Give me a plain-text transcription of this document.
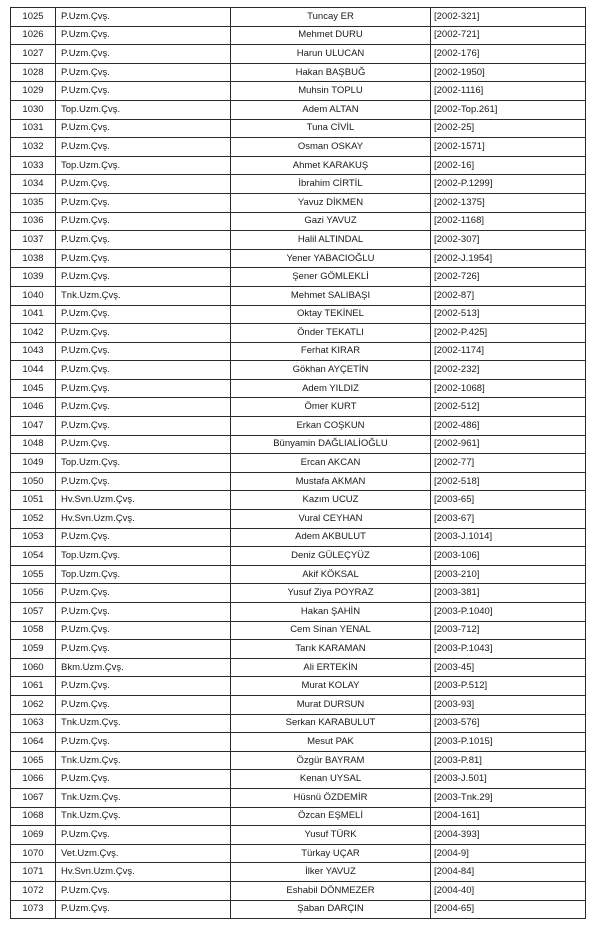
1025	P.Uzm.Çvş.	Tuncay ER	[2002-321]
1026	P.Uzm.Çvş.	Mehmet DURU	[2002-721]
1027	P.Uzm.Çvş.	Harun ULUCAN	[2002-176]
1028	P.Uzm.Çvş.	Hakan BAŞBUĞ	[2002-1950]
1029	P.Uzm.Çvş.	Muhsin TOPLU	[2002-1116]
1030	Top.Uzm.Çvş.	Adem ALTAN	[2002-Top.261]
1031	P.Uzm.Çvş.	Tuna CİVİL	[2002-25]
1032	P.Uzm.Çvş.	Osman OSKAY	[2002-1571]
1033	Top.Uzm.Çvş.	Ahmet KARAKUŞ	[2002-16]
1034	P.Uzm.Çvş.	İbrahim CİRTİL	[2002-P.1299]
1035	P.Uzm.Çvş.	Yavuz DİKMEN	[2002-1375]
1036	P.Uzm.Çvş.	Gazi YAVUZ	[2002-1168]
1037	P.Uzm.Çvş.	Halil ALTINDAL	[2002-307]
1038	P.Uzm.Çvş.	Yener YABACIOĞLU	[2002-J.1954]
1039	P.Uzm.Çvş.	Şener GÖMLEKLİ	[2002-726]
1040	Tnk.Uzm.Çvş.	Mehmet SALIBAŞI	[2002-87]
1041	P.Uzm.Çvş.	Oktay TEKİNEL	[2002-513]
1042	P.Uzm.Çvş.	Önder TEKATLI	[2002-P.425]
1043	P.Uzm.Çvş.	Ferhat KIRAR	[2002-1174]
1044	P.Uzm.Çvş.	Gökhan AYÇETİN	[2002-232]
1045	P.Uzm.Çvş.	Adem YILDIZ	[2002-1068]
1046	P.Uzm.Çvş.	Ömer KURT	[2002-512]
1047	P.Uzm.Çvş.	Erkan COŞKUN	[2002-486]
1048	P.Uzm.Çvş.	Bünyamin DAĞLIALİOĞLU	[2002-961]
1049	Top.Uzm.Çvş.	Ercan AKCAN	[2002-77]
1050	P.Uzm.Çvş.	Mustafa AKMAN	[2002-518]
1051	Hv.Svn.Uzm.Çvş.	Kazım UCUZ	[2003-65]
1052	Hv.Svn.Uzm.Çvş.	Vural CEYHAN	[2003-67]
1053	P.Uzm.Çvş.	Adem AKBULUT	[2003-J.1014]
1054	Top.Uzm.Çvş.	Deniz GÜLEÇYÜZ	[2003-106]
1055	Top.Uzm.Çvş.	Akif KÖKSAL	[2003-210]
1056	P.Uzm.Çvş.	Yusuf Ziya POYRAZ	[2003-381]
1057	P.Uzm.Çvş.	Hakan ŞAHİN	[2003-P.1040]
1058	P.Uzm.Çvş.	Cem Sinan YENAL	[2003-712]
1059	P.Uzm.Çvş.	Tarık KARAMAN	[2003-P.1043]
1060	Bkm.Uzm.Çvş.	Ali ERTEKİN	[2003-45]
1061	P.Uzm.Çvş.	Murat KOLAY	[2003-P.512]
1062	P.Uzm.Çvş.	Murat DURSUN	[2003-93]
1063	Tnk.Uzm.Çvş.	Serkan KARABULUT	[2003-576]
1064	P.Uzm.Çvş.	Mesut PAK	[2003-P.1015]
1065	Tnk.Uzm.Çvş.	Özgür BAYRAM	[2003-P.81]
1066	P.Uzm.Çvş.	Kenan UYSAL	[2003-J.501]
1067	Tnk.Uzm.Çvş.	Hüsnü ÖZDEMİR	[2003-Tnk.29]
1068	Tnk.Uzm.Çvş.	Özcan EŞMELİ	[2004-161]
1069	P.Uzm.Çvş.	Yusuf TÜRK	[2004-393]
1070	Vet.Uzm.Çvş.	Türkay UÇAR	[2004-9]
1071	Hv.Svn.Uzm.Çvş.	İlker YAVUZ	[2004-84]
1072	P.Uzm.Çvş.	Eshabil DÖNMEZER	[2004-40]
1073	P.Uzm.Çvş.	Şaban DARÇIN	[2004-65]
